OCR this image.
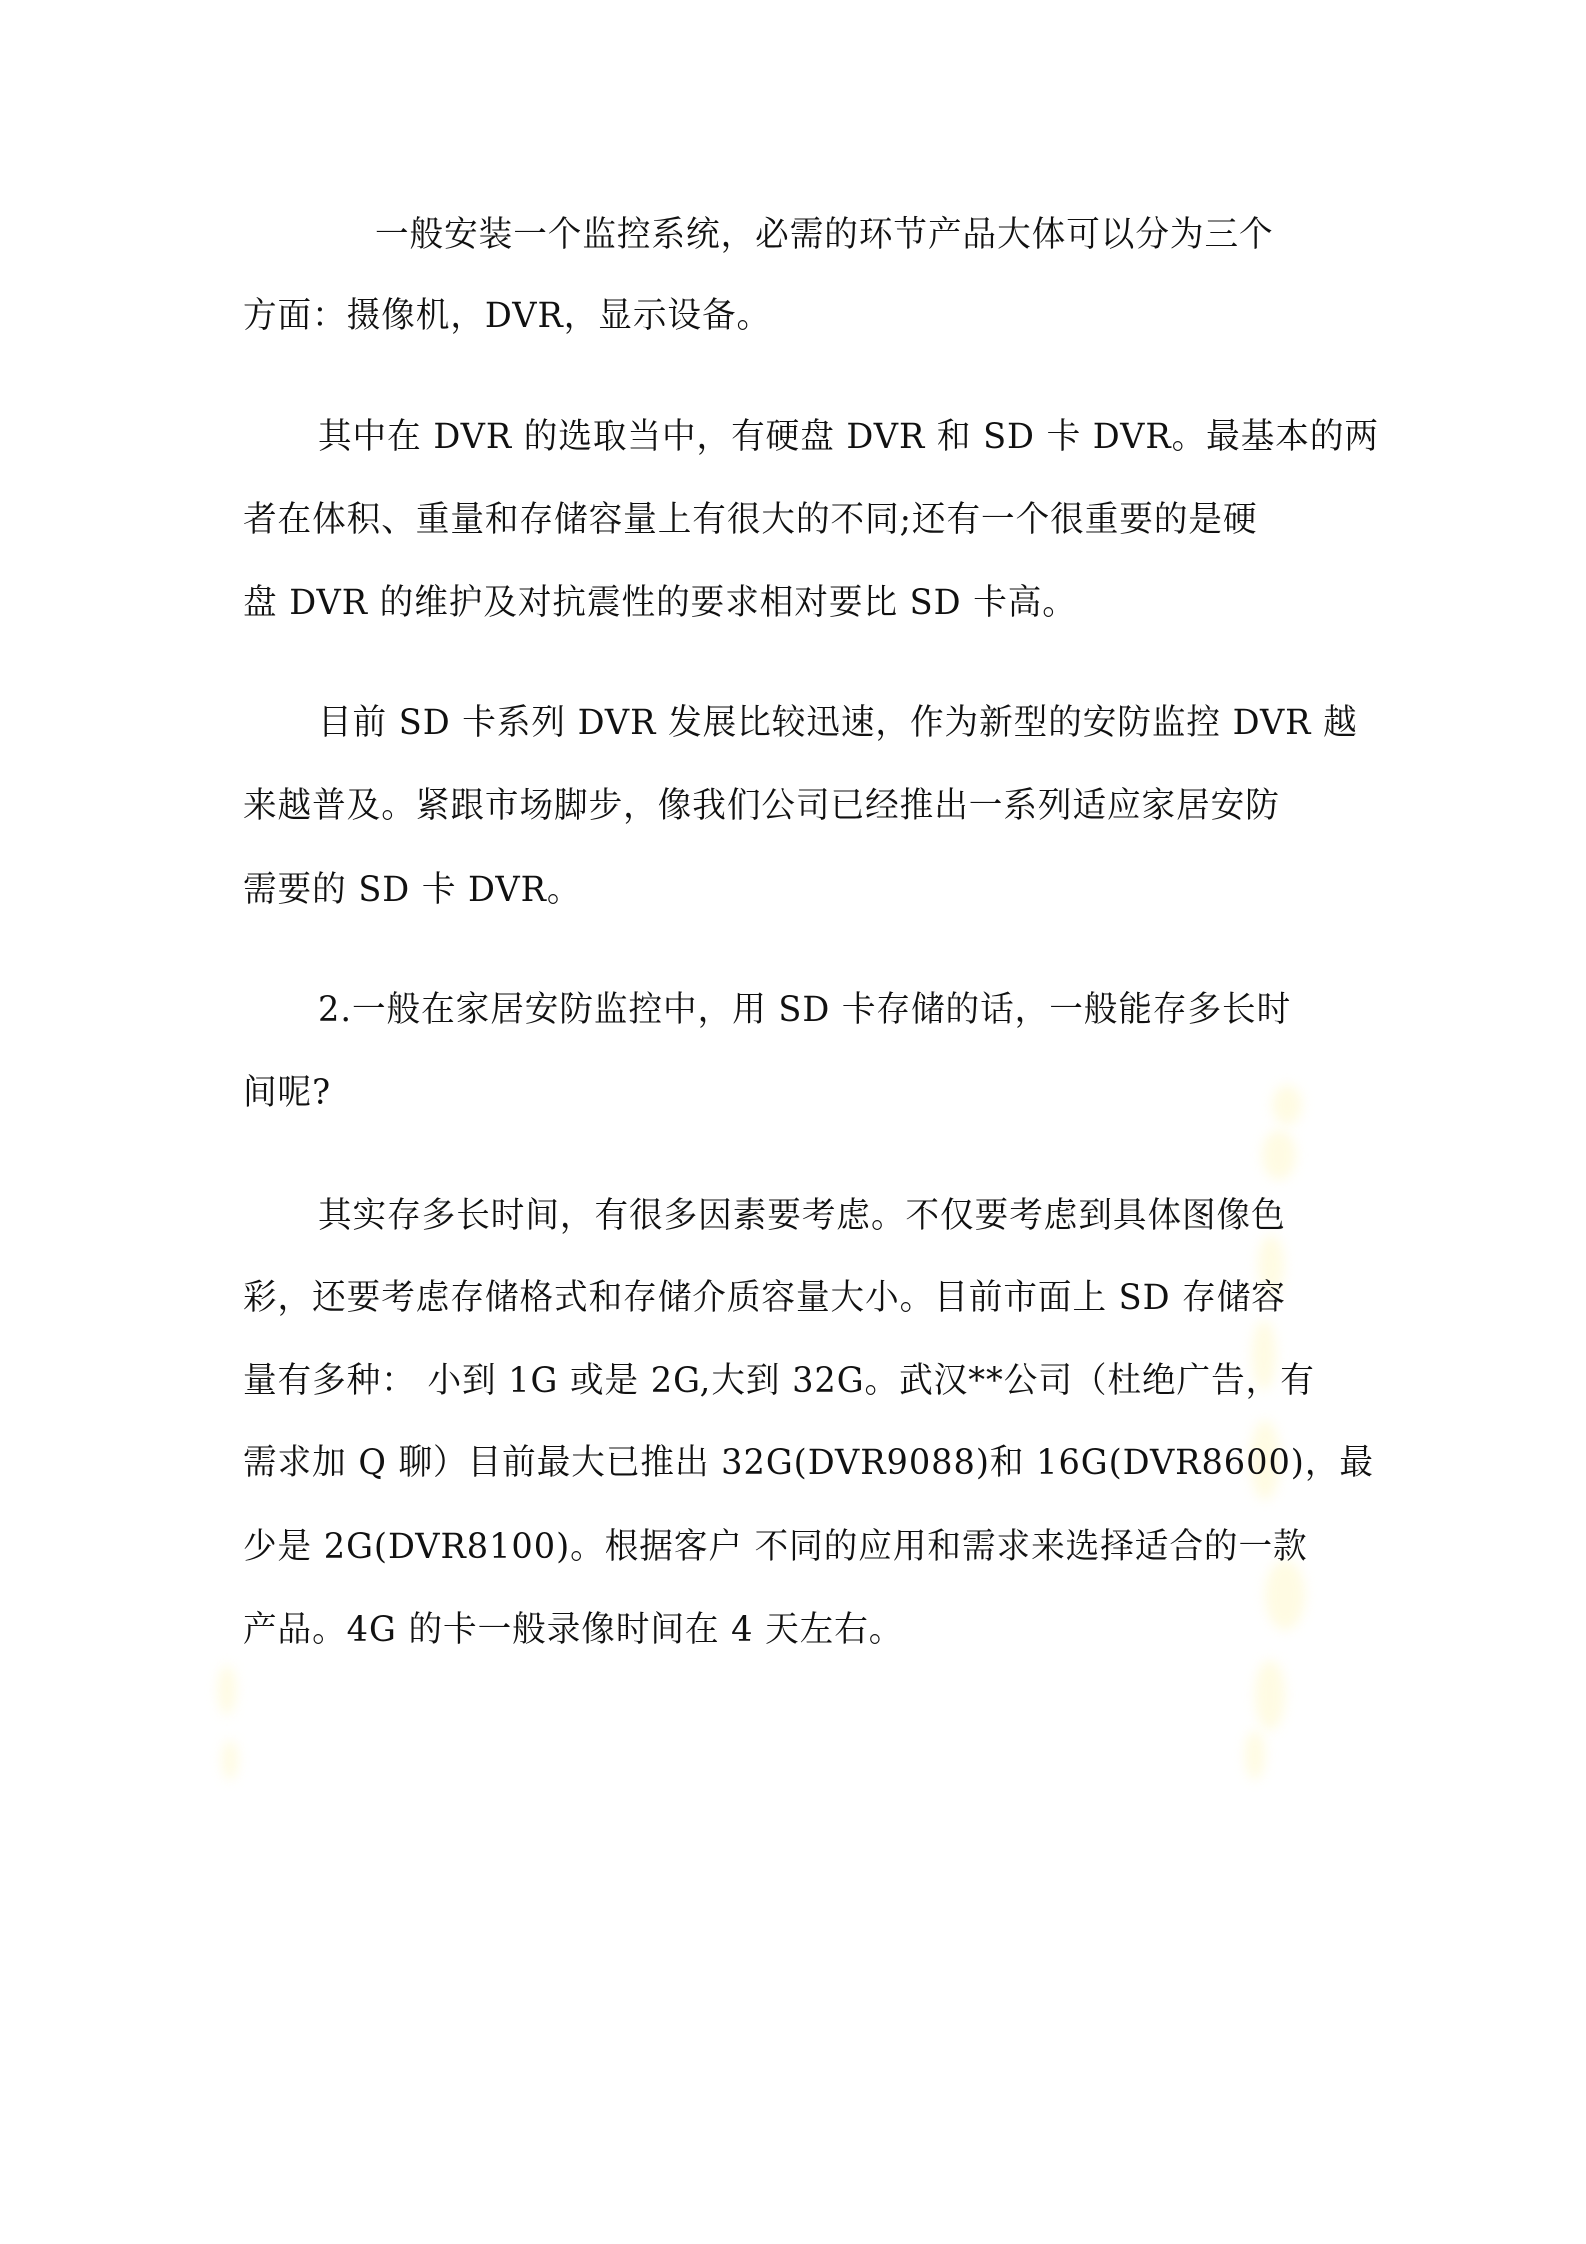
一般安装一个监控系统，必需的环节产品大体可以分为三个
方面：摄像机，DVR，显示设备。
其中在 DVR 的选取当中，有硬盘 DVR 和 SD 卡 DVR。最基本的两
者在体积、重量和存储容量上有很大的不同;还有一个很重要的是硬
盘 DVR 的维护及对抗震性的要求相对要比 SD 卡高。
目前 SD 卡系列 DVR 发展比较迅速，作为新型的安防监控 DVR 越
来越普及。紧跟市场脚步，像我们公司已经推出一系列适应家居安防
需要的 SD 卡 DVR。
2.一般在家居安防监控中，用 SD 卡存储的话，一般能存多长时
间呢?
其实存多长时间，有很多因素要考虑。不仅要考虑到具体图像色
彩，还要考虑存储格式和存储介质容量大小。目前市面上 SD 存储容
量有多种： 小到 1G 或是 2G,大到 32G。武汉**公司（杜绝广告，有
需求加 Q 聊）目前最大已推出 32G(DVR9088)和 16G(DVR8600)，最
少是 2G(DVR8100)。根据客户 不同的应用和需求来选择适合的一款
产品。4G 的卡一般录像时间在 4 天左右。
